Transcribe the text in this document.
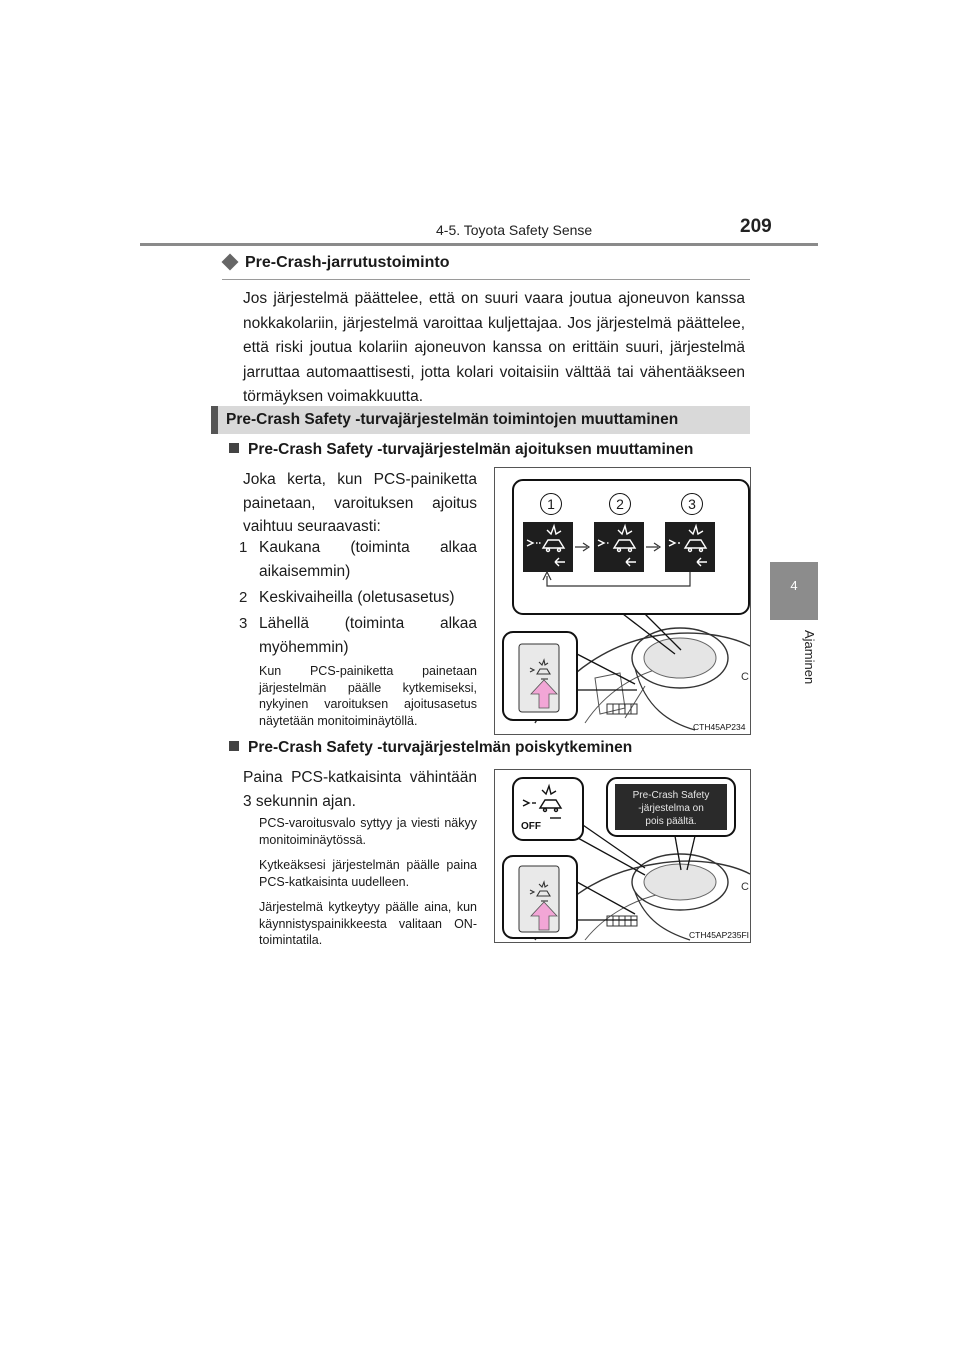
4-5. Toyota Safety Sense	209
4
Ajaminen
Pre-Crash-jarrutustoiminto
Jos järjestelmä päättelee, että on suuri vaara joutua ajoneuvon kanssa nokkakolariin, järjestelmä varoittaa kuljettajaa. Jos järjestelmä päättelee, että riski joutua kolariin ajoneuvon kanssa on erittäin suuri, järjestelmä jarruttaa automaattisesti, jotta kolari voitaisiin välttää tai vähentääkseen törmäyksen voimakkuutta.
Pre-Crash Safety -turvajärjestelmän toimintojen muuttaminen
Pre-Crash Safety -turvajärjestelmän ajoituksen muuttaminen
Joka kerta, kun PCS-painiketta painetaan, varoituksen ajoitus vaihtuu seuraavasti:
1 Kaukana (toiminta alkaa aikaisemmin)
2 Keskivaiheilla (oletusasetus)
3 Lähellä (toiminta alkaa myöhemmin)
Kun PCS-painiketta painetaan järjestelmän päälle kytkemiseksi, nykyinen varoituksen ajoitusasetus näytetään monitoiminäytöllä.
C
1	2	3
CTH45AP234
Pre-Crash Safety -turvajärjestelmän poiskytkeminen
Paina PCS-katkaisinta vähintään 3 sekunnin ajan.
PCS-varoitusvalo syttyy ja viesti näkyy monitoiminäytössä.
Kytkeäksesi järjestelmän päälle paina PCS-katkaisinta uudelleen.
Järjestelmä kytkeytyy päälle aina, kun käynnistyspainikkeesta valitaan ON-toimintatila.
C
OFF
Pre-Crash Safety
-järjestelma on
pois päältä.
CTH45AP235FI
